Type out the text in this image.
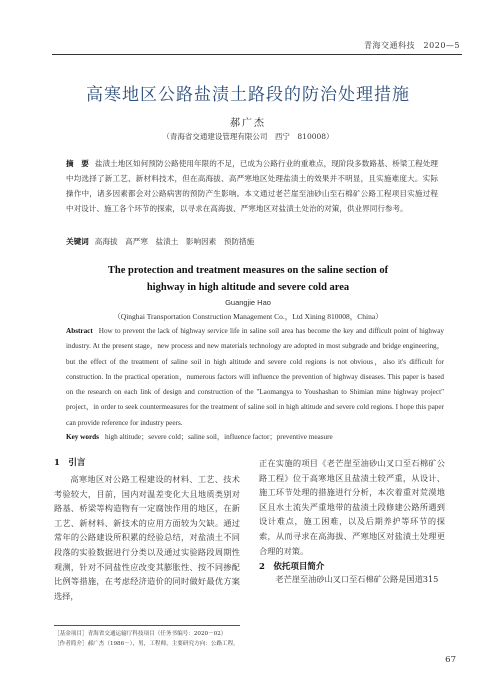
青海交通科技　2020—5
高寒地区公路盐渍土路段的防治处理措施
郝广杰
（青海省交通建设管理有限公司　西宁　810008）
摘　要 盐渍土地区如何预防公路使用年限的不足，已成为公路行业的重难点，现阶段多数路基、桥梁工程处理中均选择了新工艺、新材料技术，但在高海拔、高严寒地区处理盐渍土的效果并不明显，且实施难度大。实际操作中，诸多因素都会对公路病害的预防产生影响。本文通过老芒崖至油砂山至石棉矿公路工程项目实施过程中对设计、施工各个环节的探索，以寻求在高海拔、严寒地区对盐渍土处治的对策，供业界同行参考。
关键词 高海拔　高严寒　盐渍土　影响因素　预防措施
The protection and treatment measures on the saline section of
highway in high altitude and severe cold area
Guangjie Hao
（Qinghai Transportation Construction Management Co.，Ltd Xining 810008，China）
Abstract How to prevent the lack of highway service life in saline soil area has become the key and difficult point of highway industry. At the present stage，new process and new materials technology are adopted in most subgrade and bridge engineering，but the effect of the treatment of saline soil in high altitude and severe cold regions is not obvious，also it's difficult for construction. In the practical operation，numerous factors will influence the prevention of highway diseases. This paper is based on the research on each link of design and construction of the "Laomangya to Youshashan to Shimian mine highway project" project，in order to seek countermeasures for the treatment of saline soil in high altitude and severe cold regions. I hope this paper can provide reference for industry peers.
Key words high altitude；severe cold；saline soil，influence factor；preventive measure
1　引言
高寒地区对公路工程建设的材料、工艺、技术考验较大，目前，国内对温差变化大且地质类别对路基、桥梁等构造物有一定腐蚀作用的地区，在新工艺、新材料、新技术的应用方面较为欠缺。通过常年的公路建设所积累的经验总结，对盐渍土不同段落的实验数据进行分类以及通过实验路段周期性观测，针对不同盐性应改变其膨胀性、按不同掺配比例等措施，在考虑经济造价的同时做好最优方案选择，
正在实施的项目《老芒崖至油砂山叉口至石棉矿公路工程》位于高寒地区且盐渍土较严重，从设计、施工环节处理的措施进行分析，本次着重对荒漠地区且水土流失严重地带的盐渍土段修建公路所遇到设计难点，施工困难，以及后期养护等环节的探索，从而寻求在高海拔、严寒地区对盐渍土处理更合理的对策。
2　依托项目简介
老芒崖至油砂山叉口至石棉矿公路是国道315
［基金项目］青海省交通运输厅科技项目（任务书编号：2020－02）
［作者简介］郝广杰（1986－），男，工程师，主要研究方向：公路工程。
67
